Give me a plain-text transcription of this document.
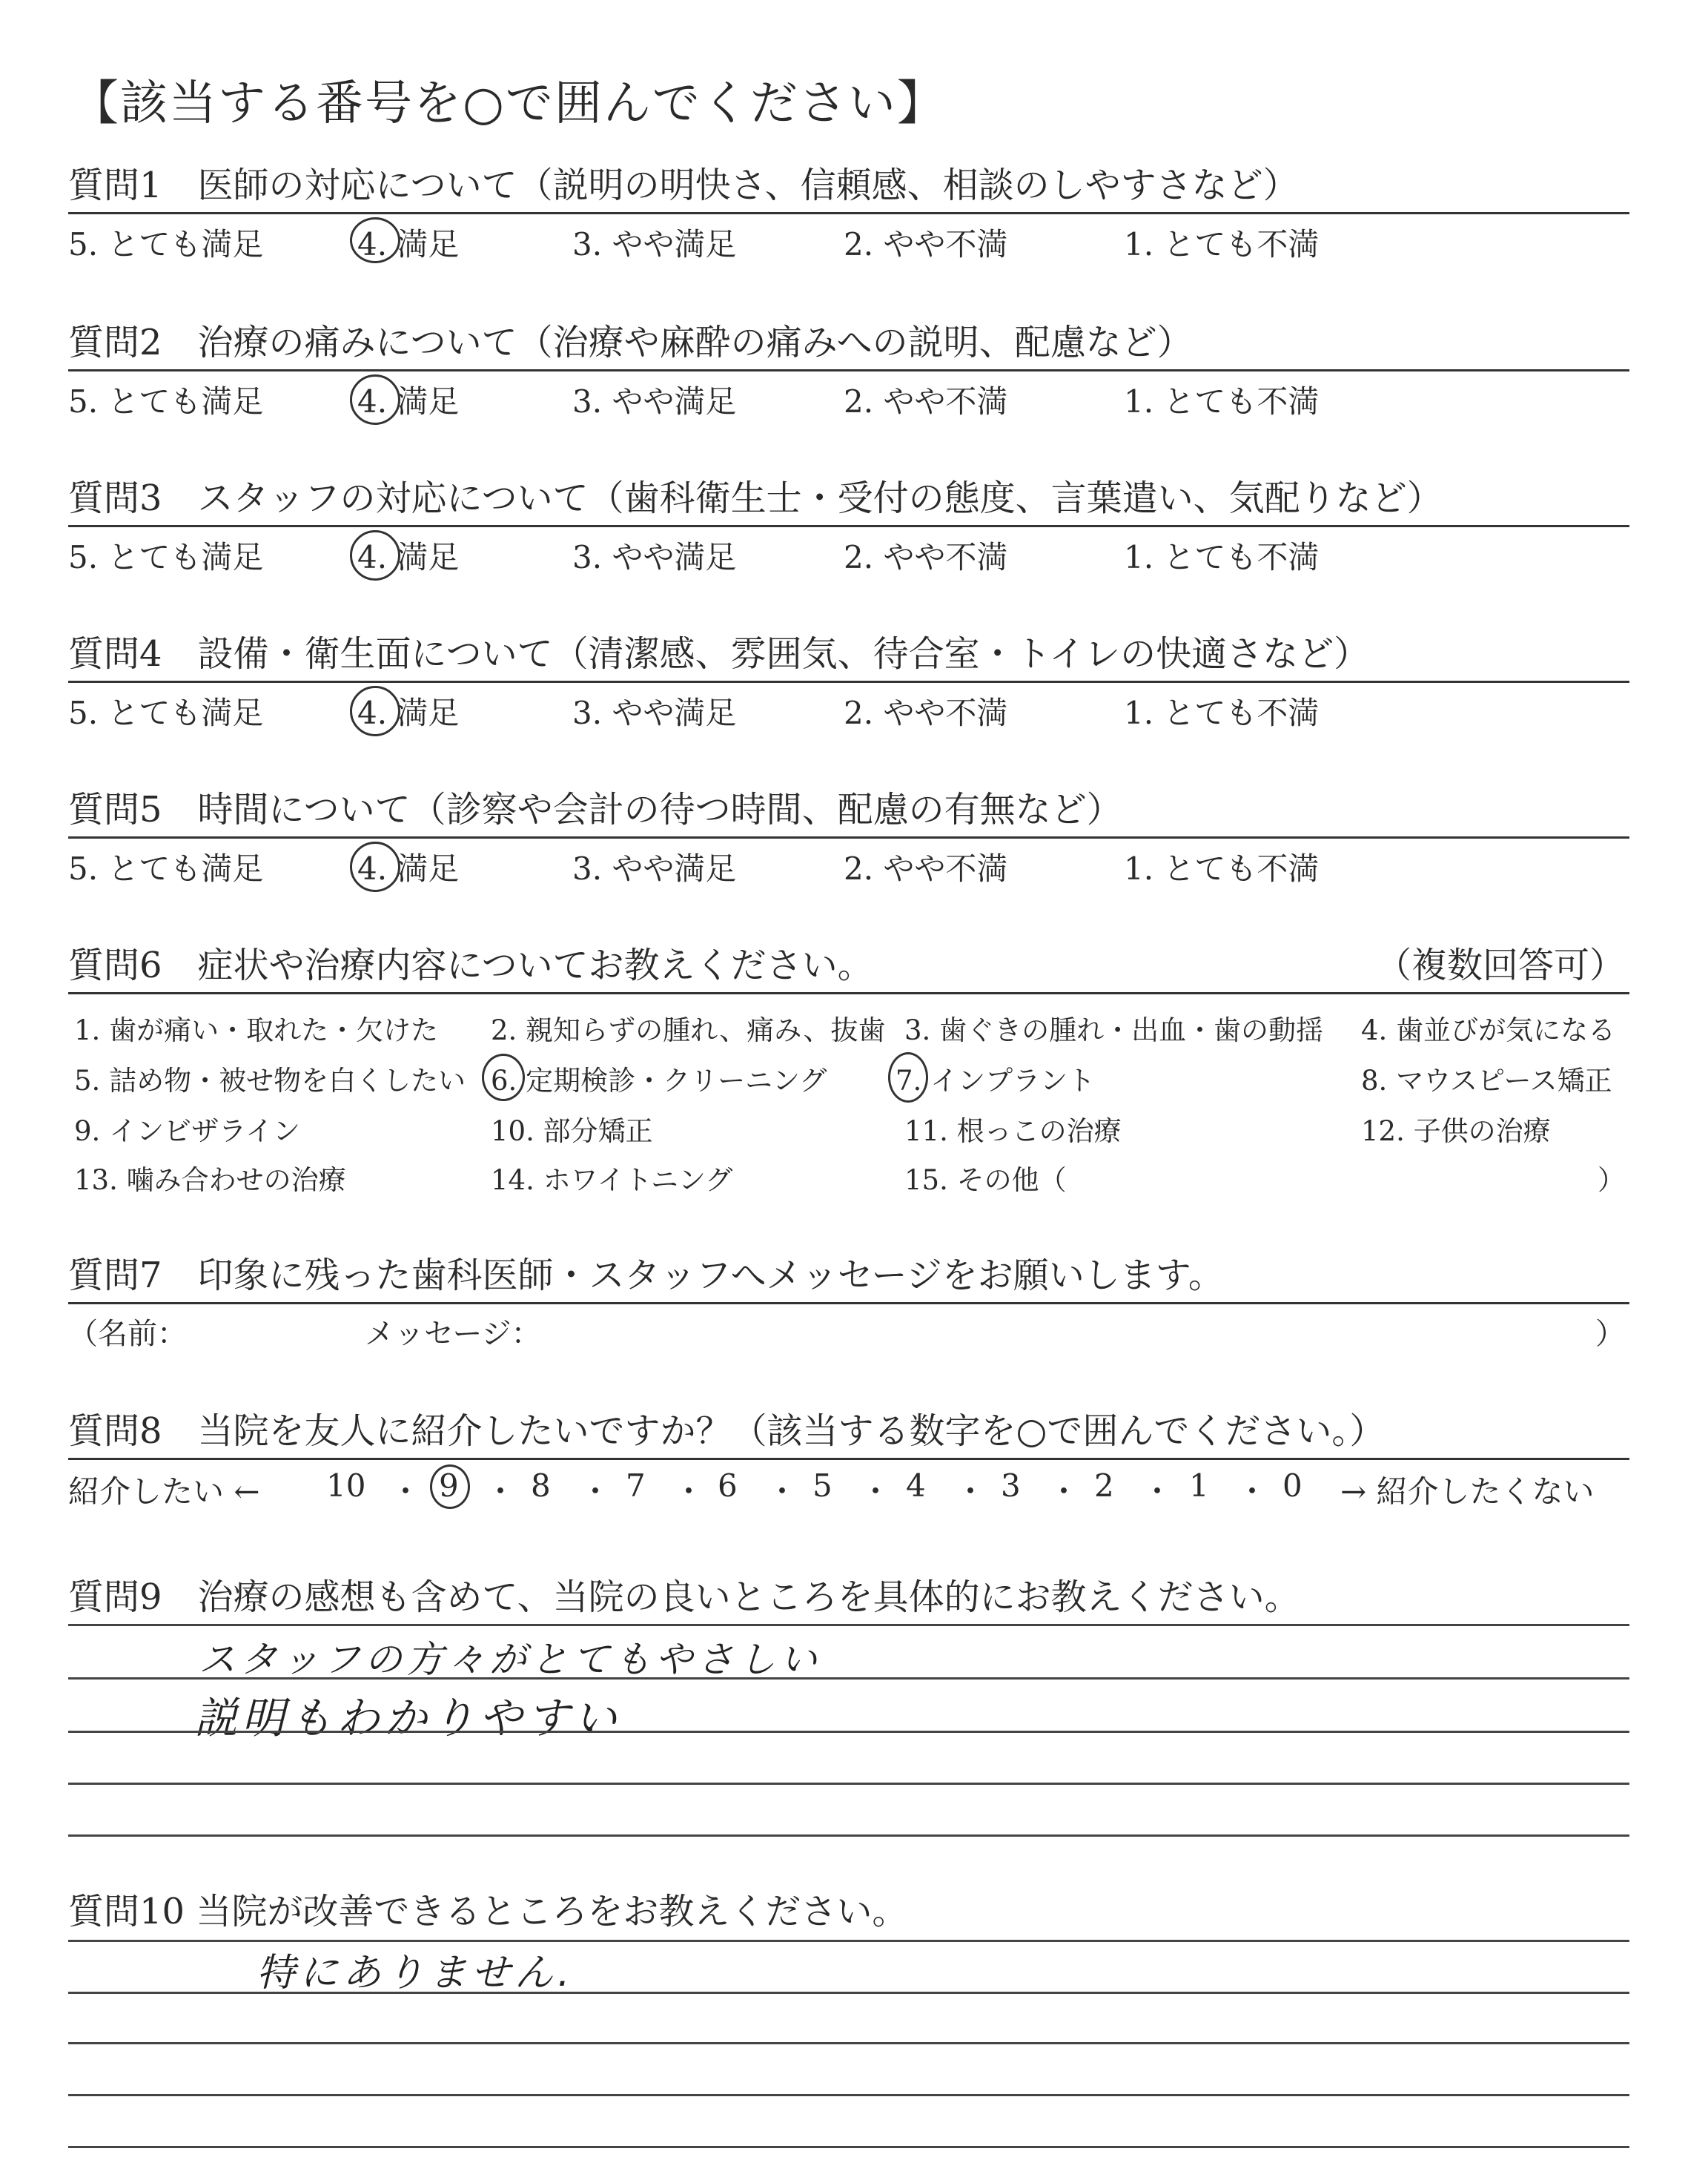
【該当する番号を○で囲んでください】
質問1　医師の対応について（説明の明快さ、信頼感、相談のしやすさなど）
5. とても満足	4. 満足	3. やや満足	2. やや不満	1. とても不満
質問2　治療の痛みについて（治療や麻酔の痛みへの説明、配慮など）
5. とても満足	4. 満足	3. やや満足	2. やや不満	1. とても不満
質問3　スタッフの対応について（歯科衛生士・受付の態度、言葉遣い、気配りなど）
5. とても満足	4. 満足	3. やや満足	2. やや不満	1. とても不満
質問4　設備・衛生面について（清潔感、雰囲気、待合室・トイレの快適さなど）
5. とても満足	4. 満足	3. やや満足	2. やや不満	1. とても不満
質問5　時間について（診察や会計の待つ時間、配慮の有無など）
5. とても満足	4. 満足	3. やや満足	2. やや不満	1. とても不満
質問6　症状や治療内容についてお教えください。	（複数回答可）
1. 歯が痛い・取れた・欠けた 2. 親知らずの腫れ、痛み、抜歯 3. 歯ぐきの腫れ・出血・歯の動揺 4. 歯並びが気になる
5. 詰め物・被せ物を白くしたい 6. 定期検診・クリーニング	7. インプラント	8. マウスピース矯正
9. インビザライン	10. 部分矯正	11. 根っこの治療	12. 子供の治療
13. 噛み合わせの治療	14. ホワイトニング	15. その他（	）
質問7　印象に残った歯科医師・スタッフへメッセージをお願いします。
（名前：	メッセージ：	）
質問8　当院を友人に紹介したいですか？（該当する数字を○で囲んでください。）
紹介したい ← 10 ・ 9 ・ 8 ・ 7 ・ 6 ・ 5 ・ 4 ・ 3 ・ 2 ・ 1 ・ 0 → 紹介したくない
質問9　治療の感想も含めて、当院の良いところを具体的にお教えください。
スタッフの方々がとてもやさしい
説明もわかりやすい
質問10 当院が改善できるところをお教えください。
特にありません.
